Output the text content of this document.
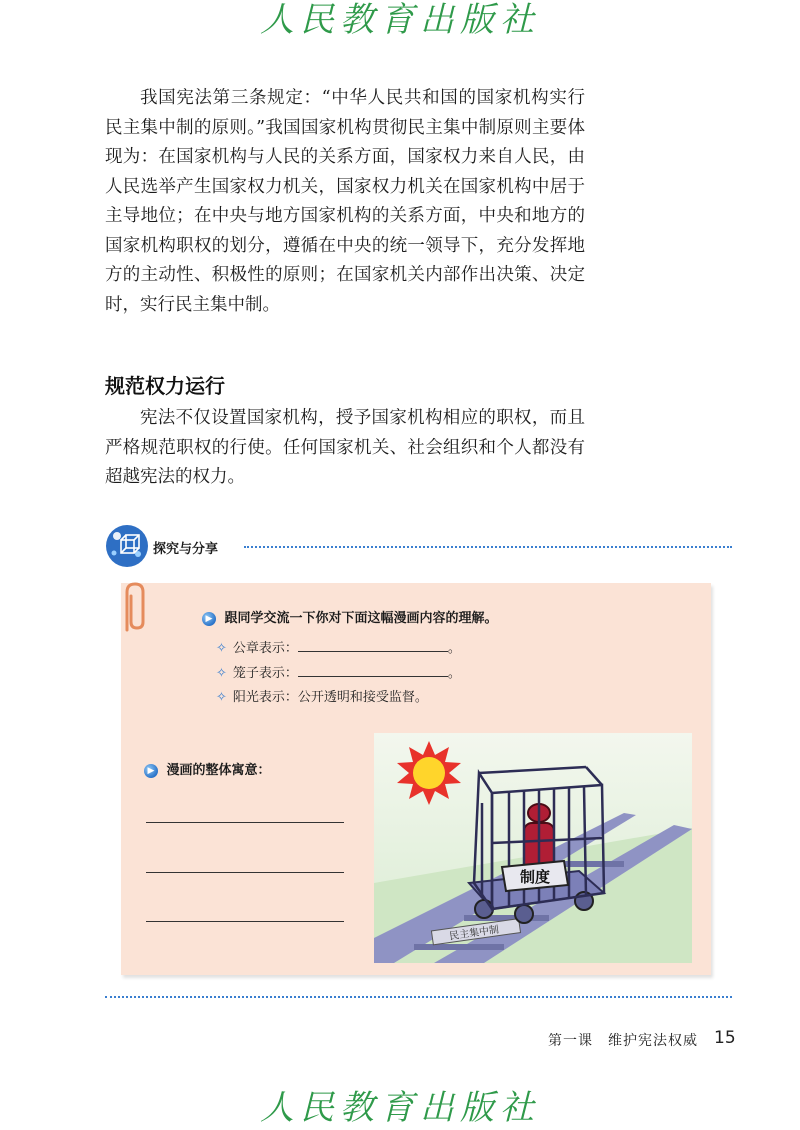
人民教育出版社

我国宪法第三条规定：“中华人民共和国的国家机构实行民主集中制的原则。”我国国家机构贯彻民主集中制原则主要体现为：在国家机构与人民的关系方面，国家权力来自人民，由人民选举产生国家权力机关，国家权力机关在国家机构中居于主导地位；在中央与地方国家机构的关系方面，中央和地方的国家机构职权的划分，遵循在中央的统一领导下，充分发挥地方的主动性、积极性的原则；在国家机关内部作出决策、决定时，实行民主集中制。

规范权力运行

宪法不仅设置国家机构，授予国家机构相应的职权，而且严格规范职权的行使。任何国家机关、社会组织和个人都没有超越宪法的权力。

探究与分享
▶ 跟同学交流一下你对下面这幅漫画内容的理解。
✧ 公章表示：	。
✧ 笼子表示：	。
✧ 阳光表示：公开透明和接受监督。
▶ 漫画的整体寓意：
民主集中制
制度
第一课　维护宪法权威 15
人民教育出版社
